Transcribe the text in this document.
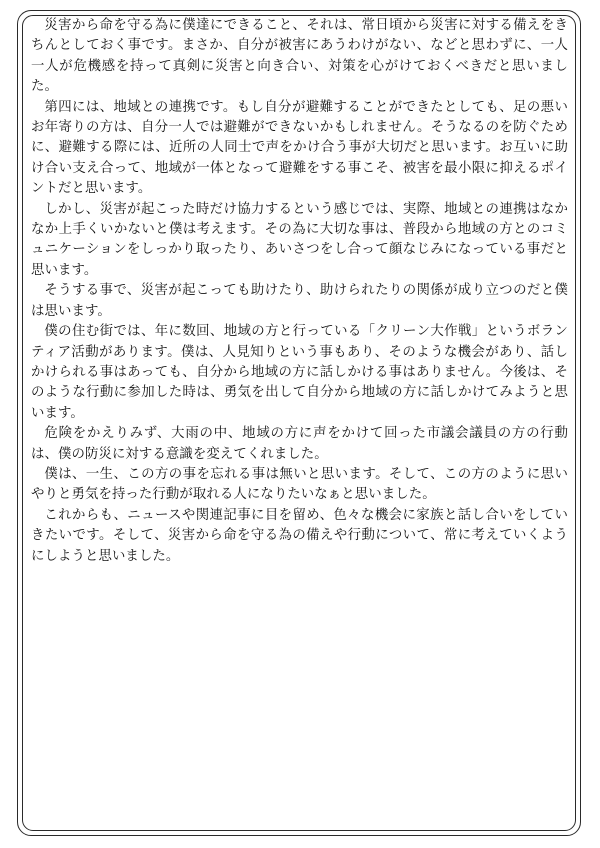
災害から命を守る為に僕達にできること、それは、常日頃から災害に対する備えをきちんとしておく事です。まさか、自分が被害にあうわけがない、などと思わずに、一人一人が危機感を持って真剣に災害と向き合い、対策を心がけておくべきだと思いました。

第四には、地域との連携です。もし自分が避難することができたとしても、足の悪いお年寄りの方は、自分一人では避難ができないかもしれません。そうなるのを防ぐために、避難する際には、近所の人同士で声をかけ合う事が大切だと思います。お互いに助け合い支え合って、地域が一体となって避難をする事こそ、被害を最小限に抑えるポイントだと思います。

しかし、災害が起こった時だけ協力するという感じでは、実際、地域との連携はなかなか上手くいかないと僕は考えます。その為に大切な事は、普段から地域の方とのコミュニケーションをしっかり取ったり、あいさつをし合って顔なじみになっている事だと思います。

そうする事で、災害が起こっても助けたり、助けられたりの関係が成り立つのだと僕は思います。

僕の住む街では、年に数回、地域の方と行っている「クリーン大作戦」というボランティア活動があります。僕は、人見知りという事もあり、そのような機会があり、話しかけられる事はあっても、自分から地域の方に話しかける事はありません。今後は、そのような行動に参加した時は、勇気を出して自分から地域の方に話しかけてみようと思います。

危険をかえりみず、大雨の中、地域の方に声をかけて回った市議会議員の方の行動は、僕の防災に対する意識を変えてくれました。

僕は、一生、この方の事を忘れる事は無いと思います。そして、この方のように思いやりと勇気を持った行動が取れる人になりたいなぁと思いました。

これからも、ニュースや関連記事に目を留め、色々な機会に家族と話し合いをしていきたいです。そして、災害から命を守る為の備えや行動について、常に考えていくようにしようと思いました。
